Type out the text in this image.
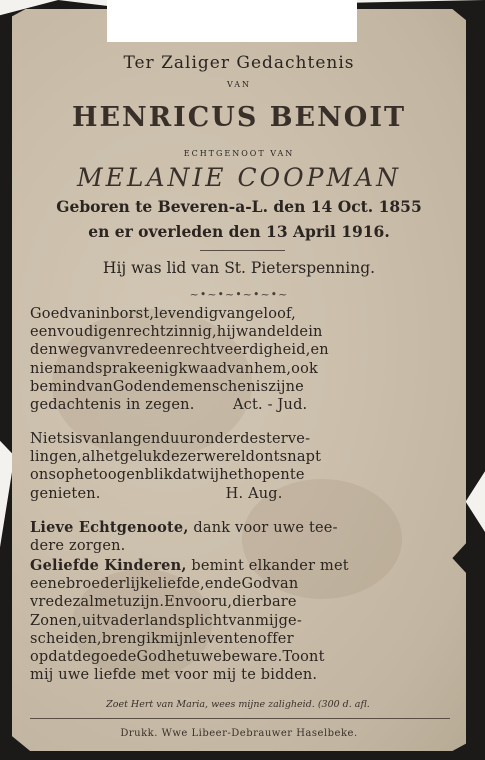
Ter Zaliger Gedachtenis
VAN
HENRICUS BENOIT
ECHTGENOOT VAN
MELANIE COOPMAN
Geboren te Beveren-a-L. den 14 Oct. 1855
en er overleden den 13 April 1916.
Hij was lid van St. Pieterspenning.
~•~•~•~•~•~
Goedvaninborst,levendigvangeloof,
eenvoudigenrechtzinnig,hijwandeldein
denwegvanvredeenrechtveerdigheid,en
niemandsprakeenigkwaadvanhem,ook
bemindvanGodendemenscheniszijne
gedachtenis in zegen.        Act. - Jud.
Nietsisvanlangenduuronderdesterve-
lingen,alhetgelukdezerwereldontsnapt
onsophetoogenblikdatwijhethopente
genieten.                          H. Aug.
Lieve Echtgenoote, dank voor uwe tee-
dere zorgen.
Geliefde Kinderen, bemint elkander met
eenebroederlijkeliefde,endeGodvan
vredezalmetuzijn.Envooru,dierbare
Zonen,uitvaderlandsplichtvanmijge-
scheiden,brengikmijnleventenoffer
opdatdegoedeGodhetuwebeware.Toont
mij uwe liefde met voor mij te bidden.
Zoet Hert van Maria, wees mijne zaligheid. (300 d. afl.
Drukk. Wwe Libeer-Debrauwer Haselbeke.
